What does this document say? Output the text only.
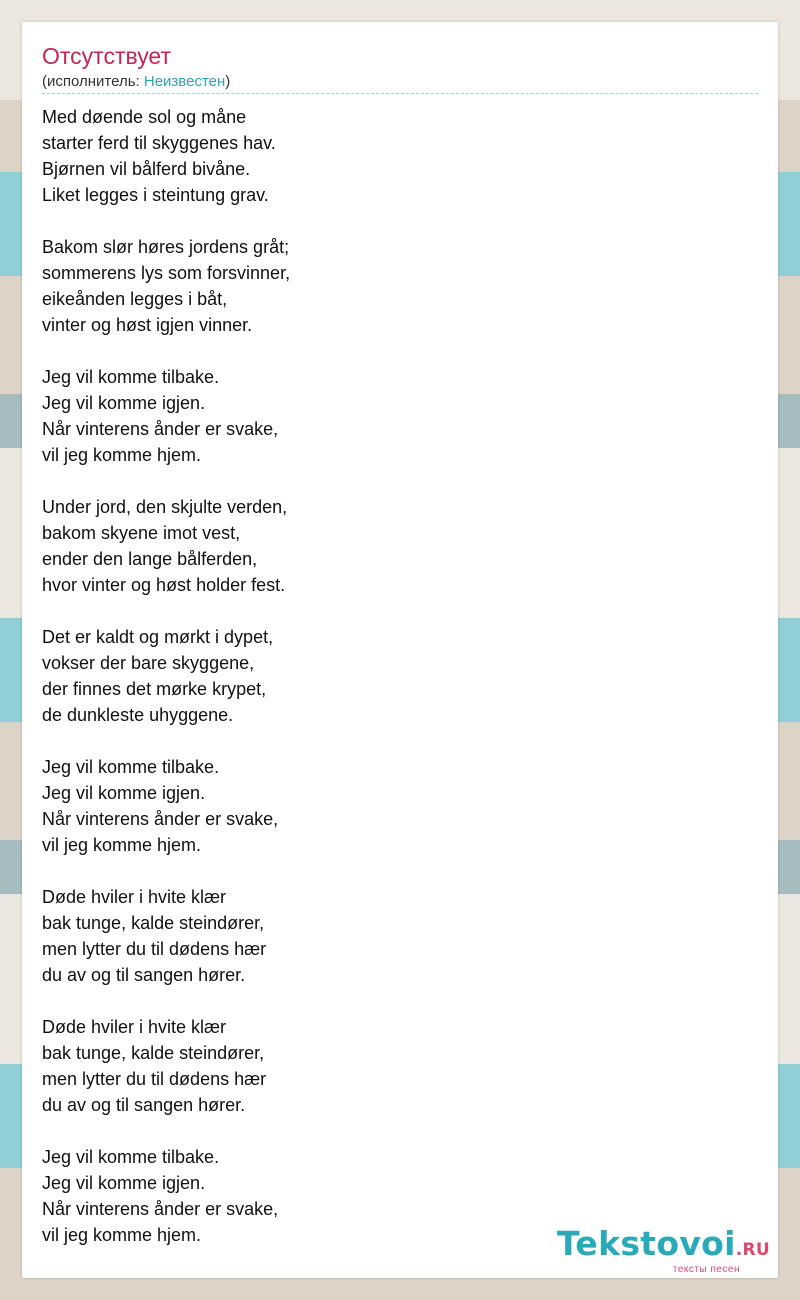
Отсутствует
(исполнитель: Неизвестен)
Med døende sol og måne
starter ferd til skyggenes hav.
Bjørnen vil bålferd bivåne.
Liket legges i steintung grav.
Bakom slør høres jordens gråt;
sommerens lys som forsvinner,
eikeånden legges i båt,
vinter og høst igjen vinner.
Jeg vil komme tilbake.
Jeg vil komme igjen.
Når vinterens ånder er svake,
vil jeg komme hjem.
Under jord, den skjulte verden,
bakom skyene imot vest,
ender den lange bålferden,
hvor vinter og høst holder fest.
Det er kaldt og mørkt i dypet,
vokser der bare skyggene,
der finnes det mørke krypet,
de dunkleste uhyggene.
Jeg vil komme tilbake.
Jeg vil komme igjen.
Når vinterens ånder er svake,
vil jeg komme hjem.
Døde hviler i hvite klær
bak tunge, kalde steindører,
men lytter du til dødens hær
du av og til sangen hører.
Døde hviler i hvite klær
bak tunge, kalde steindører,
men lytter du til dødens hær
du av og til sangen hører.
Jeg vil komme tilbake.
Jeg vil komme igjen.
Når vinterens ånder er svake,
vil jeg komme hjem.	Tekstovoi.RU
тексты песен
